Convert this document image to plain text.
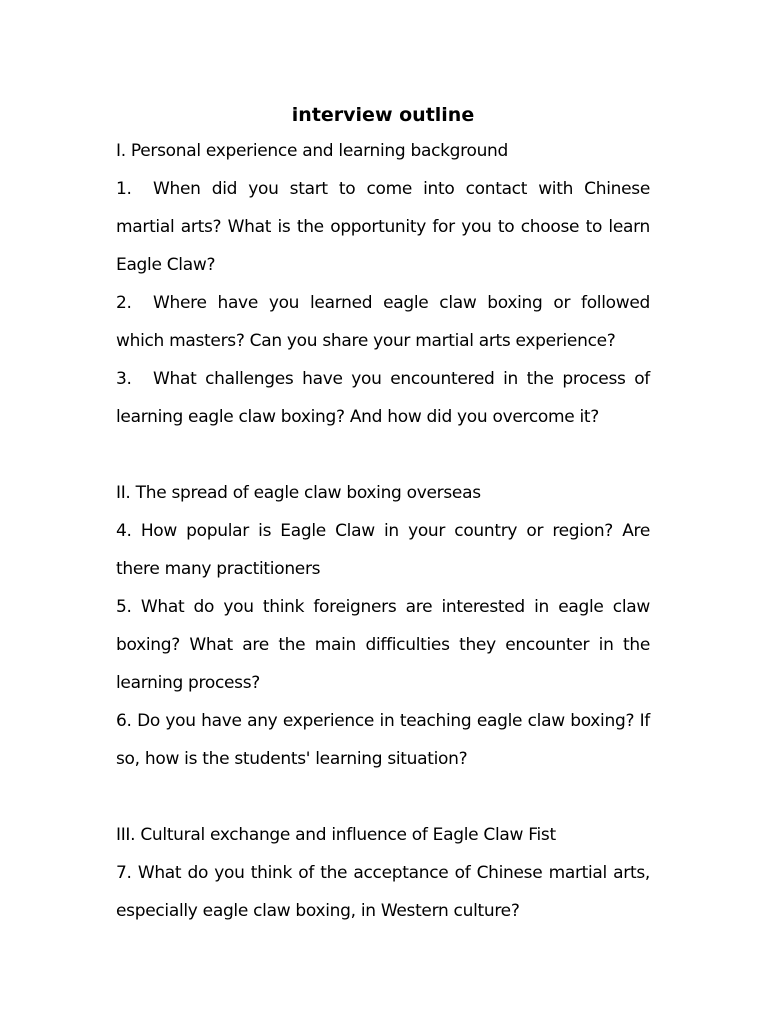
interview outline

I. Personal experience and learning background

1. When did you start to come into contact with Chinese martial arts? What is the opportunity for you to choose to learn Eagle Claw?

2. Where have you learned eagle claw boxing or followed which masters? Can you share your martial arts experience?

3. What challenges have you encountered in the process of learning eagle claw boxing? And how did you overcome it?

II. The spread of eagle claw boxing overseas

4. How popular is Eagle Claw in your country or region? Are there many practitioners

5. What do you think foreigners are interested in eagle claw boxing? What are the main difficulties they encounter in the learning process?

6. Do you have any experience in teaching eagle claw boxing? If so, how is the students' learning situation?

III. Cultural exchange and influence of Eagle Claw Fist

7. What do you think of the acceptance of Chinese martial arts, especially eagle claw boxing, in Western culture?
